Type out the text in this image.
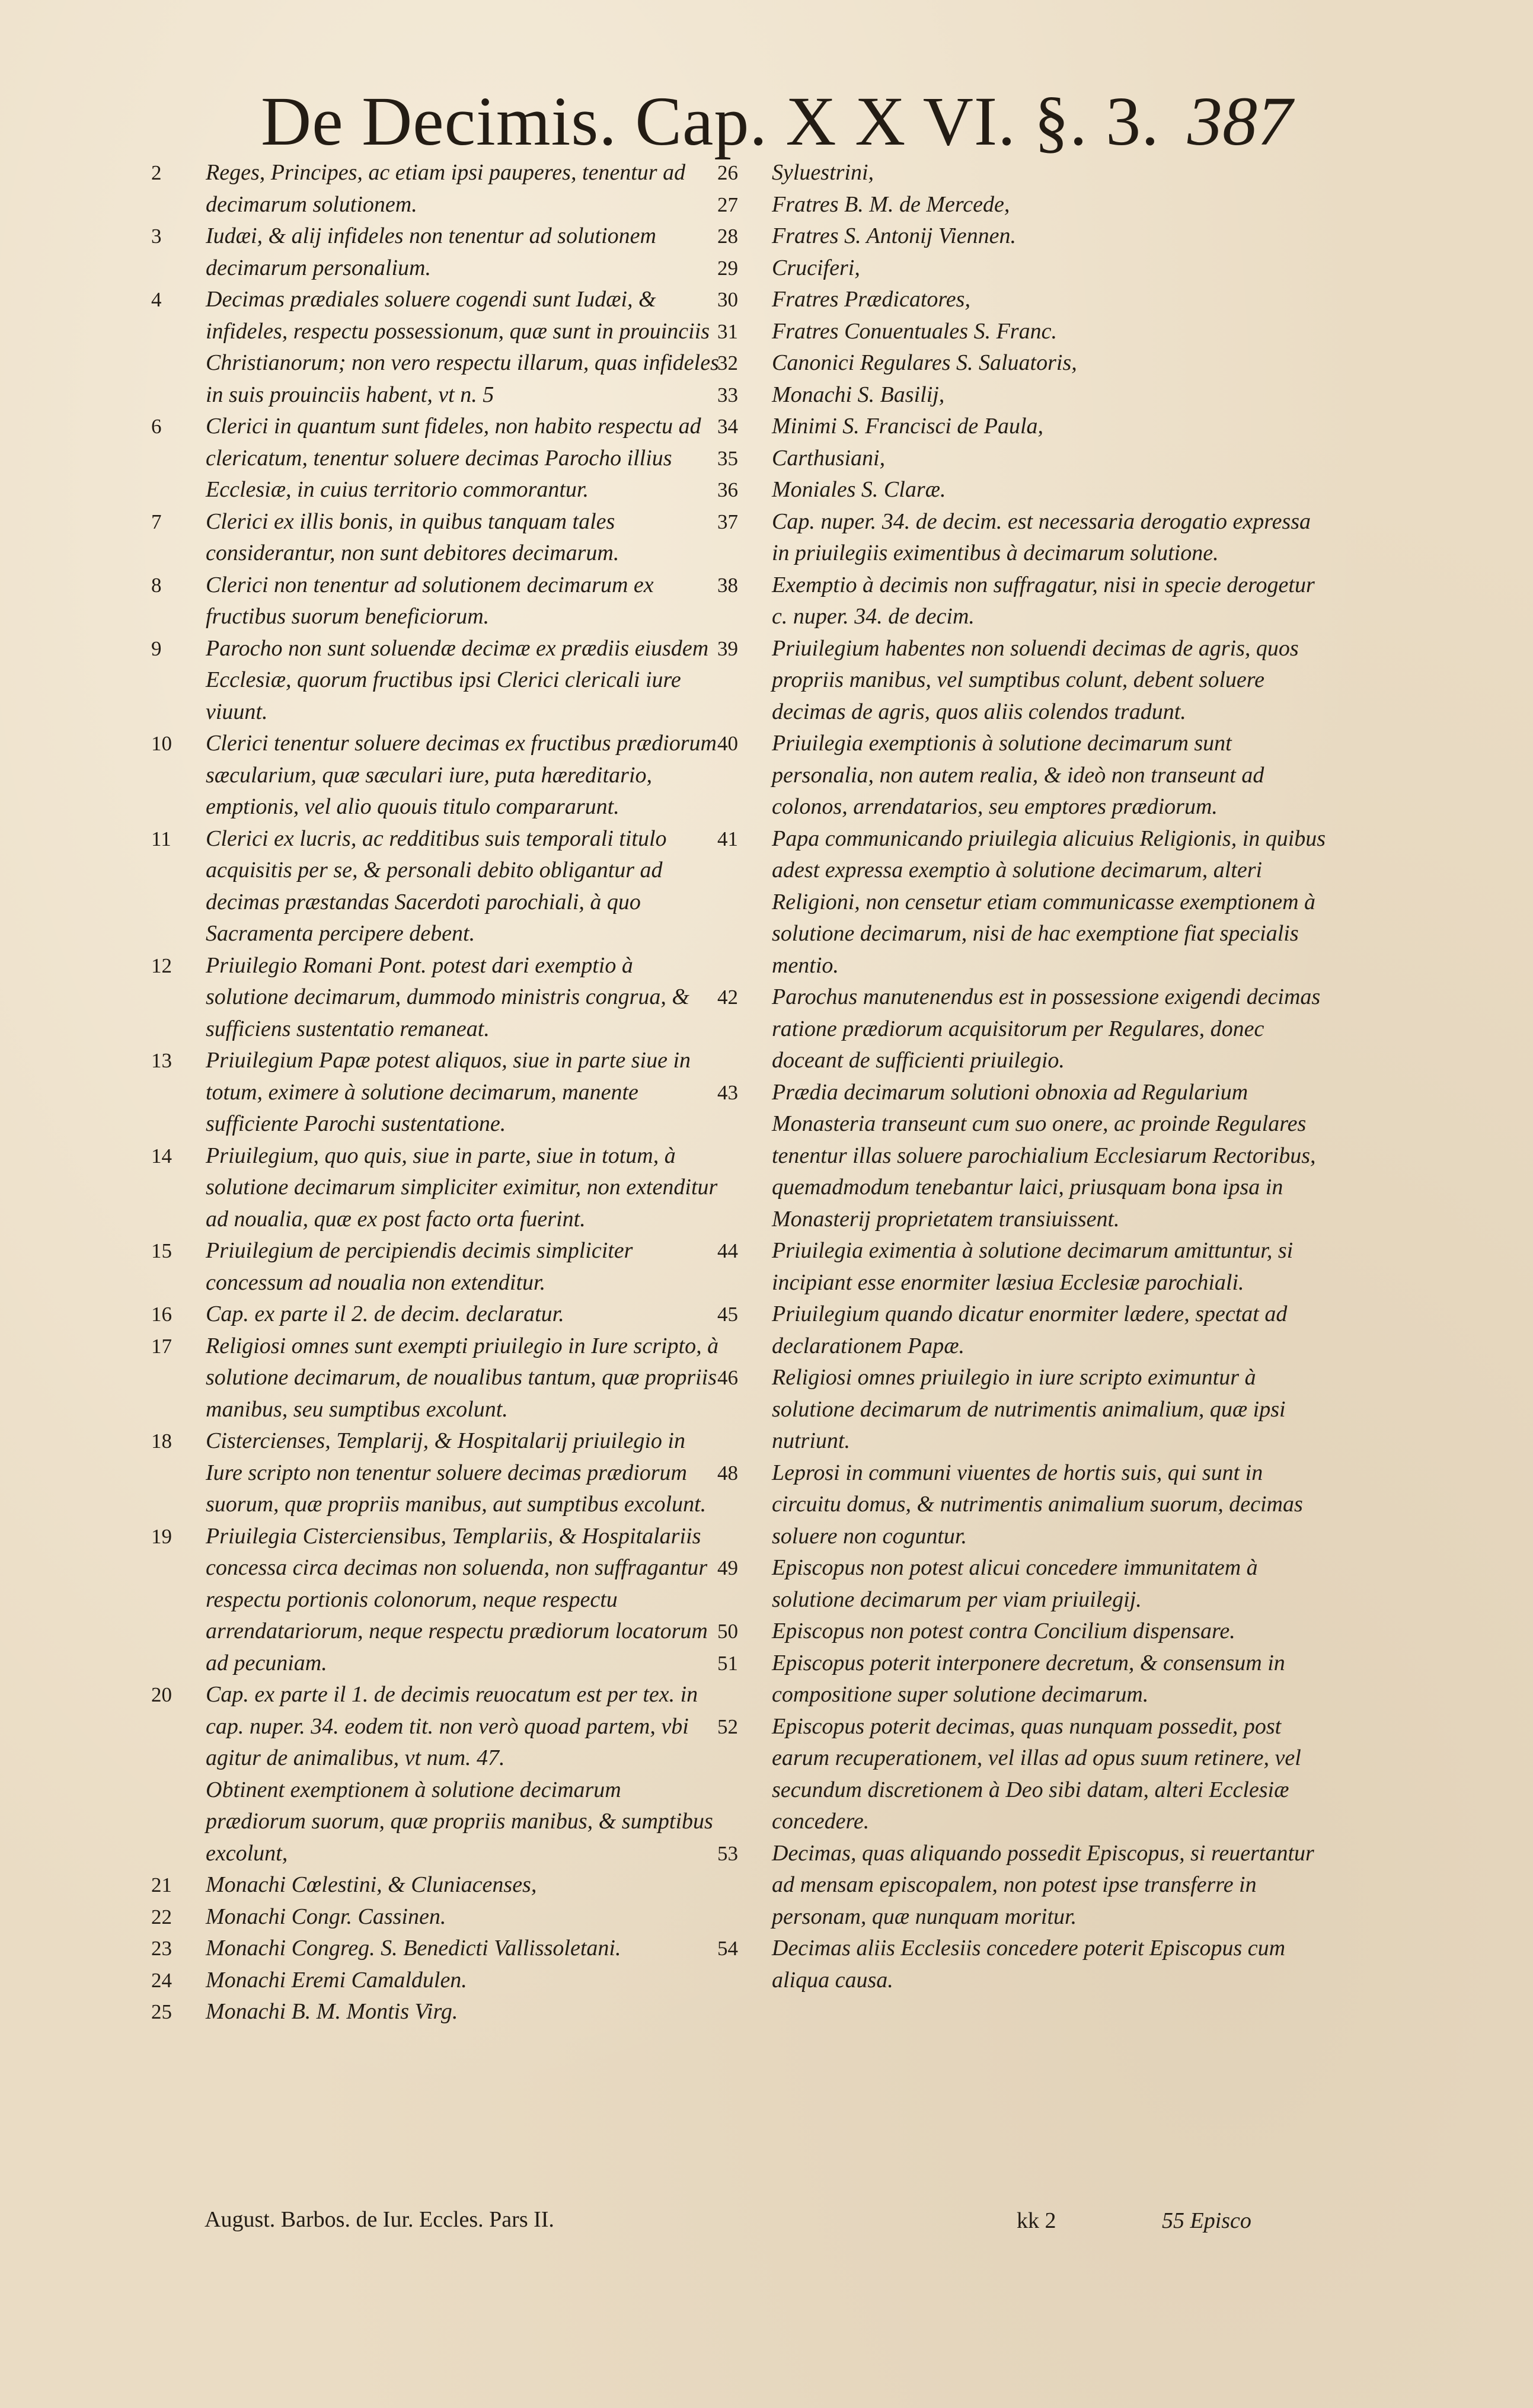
De Decimis. Cap. X X VI. §. 3. 387
2	Reges, Principes, ac etiam ipsi pauperes, tenentur ad decimarum solutionem.
3	Iudæi, & alij infideles non tenentur ad solutionem decimarum personalium.
4	Decimas prædiales soluere cogendi sunt Iudæi, & infideles, respectu possessionum, quæ sunt in prouinciis Christianorum; non vero respectu illarum, quas infideles in suis prouinciis habent, vt n. 5
6	Clerici in quantum sunt fideles, non habito respectu ad clericatum, tenentur soluere decimas Parocho illius Ecclesiæ, in cuius territorio commorantur.
7	Clerici ex illis bonis, in quibus tanquam tales considerantur, non sunt debitores decimarum.
8	Clerici non tenentur ad solutionem decimarum ex fructibus suorum beneficiorum.
9	Parocho non sunt soluendæ decimæ ex prædiis eiusdem Ecclesiæ, quorum fructibus ipsi Clerici clericali iure viuunt.
10	Clerici tenentur soluere decimas ex fructibus prædiorum sæcularium, quæ sæculari iure, puta hæreditario, emptionis, vel alio quouis titulo compararunt.
11	Clerici ex lucris, ac redditibus suis temporali titulo acquisitis per se, & personali debito obligantur ad decimas præstandas Sacerdoti parochiali, à quo Sacramenta percipere debent.
12	Priuilegio Romani Pont. potest dari exemptio à solutione decimarum, dummodo ministris congrua, & sufficiens sustentatio remaneat.
13	Priuilegium Papæ potest aliquos, siue in parte siue in totum, eximere à solutione decimarum, manente sufficiente Parochi sustentatione.
14	Priuilegium, quo quis, siue in parte, siue in totum, à solutione decimarum simpliciter eximitur, non extenditur ad noualia, quæ ex post facto orta fuerint.
15	Priuilegium de percipiendis decimis simpliciter concessum ad noualia non extenditur.
16	Cap. ex parte il 2. de decim. declaratur.
17	Religiosi omnes sunt exempti priuilegio in Iure scripto, à solutione decimarum, de noualibus tantum, quæ propriis manibus, seu sumptibus excolunt.
18	Cistercienses, Templarij, & Hospitalarij priuilegio in Iure scripto non tenentur soluere decimas prædiorum suorum, quæ propriis manibus, aut sumptibus excolunt.
19	Priuilegia Cisterciensibus, Templariis, & Hospitalariis concessa circa decimas non soluenda, non suffragantur respectu portionis colonorum, neque respectu arrendatariorum, neque respectu prædiorum locatorum ad pecuniam.
20	Cap. ex parte il 1. de decimis reuocatum est per tex. in cap. nuper. 34. eodem tit. non verò quoad partem, vbi agitur de animalibus, vt num. 47.
Obtinent exemptionem à solutione decimarum prædiorum suorum, quæ propriis manibus, & sumptibus excolunt,
21	Monachi Cœlestini, & Cluniacenses,
22	Monachi Congr. Cassinen.
23	Monachi Congreg. S. Benedicti Vallissoletani.
24	Monachi Eremi Camaldulen.
25	Monachi B. M. Montis Virg.
26	Syluestrini,
27	Fratres B. M. de Mercede,
28	Fratres S. Antonij Viennen.
29	Cruciferi,
30	Fratres Prædicatores,
31	Fratres Conuentuales S. Franc.
32	Canonici Regulares S. Saluatoris,
33	Monachi S. Basilij,
34	Minimi S. Francisci de Paula,
35	Carthusiani,
36	Moniales S. Claræ.
37	Cap. nuper. 34. de decim. est necessaria derogatio expressa in priuilegiis eximentibus à decimarum solutione.
38	Exemptio à decimis non suffragatur, nisi in specie derogetur c. nuper. 34. de decim.
39	Priuilegium habentes non soluendi decimas de agris, quos propriis manibus, vel sumptibus colunt, debent soluere decimas de agris, quos aliis colendos tradunt.
40	Priuilegia exemptionis à solutione decimarum sunt personalia, non autem realia, & ideò non transeunt ad colonos, arrendatarios, seu emptores prædiorum.
41	Papa communicando priuilegia alicuius Religionis, in quibus adest expressa exemptio à solutione decimarum, alteri Religioni, non censetur etiam communicasse exemptionem à solutione decimarum, nisi de hac exemptione fiat specialis mentio.
42	Parochus manutenendus est in possessione exigendi decimas ratione prædiorum acquisitorum per Regulares, donec doceant de sufficienti priuilegio.
43	Prædia decimarum solutioni obnoxia ad Regularium Monasteria transeunt cum suo onere, ac proinde Regulares tenentur illas soluere parochialium Ecclesiarum Rectoribus, quemadmodum tenebantur laici, priusquam bona ipsa in Monasterij proprietatem transiuissent.
44	Priuilegia eximentia à solutione decimarum amittuntur, si incipiant esse enormiter læsiua Ecclesiæ parochiali.
45	Priuilegium quando dicatur enormiter lædere, spectat ad declarationem Papæ.
46	Religiosi omnes priuilegio in iure scripto eximuntur à solutione decimarum de nutrimentis animalium, quæ ipsi nutriunt.
48	Leprosi in communi viuentes de hortis suis, qui sunt in circuitu domus, & nutrimentis animalium suorum, decimas soluere non coguntur.
49	Episcopus non potest alicui concedere immunitatem à solutione decimarum per viam priuilegij.
50	Episcopus non potest contra Concilium dispensare.
51	Episcopus poterit interponere decretum, & consensum in compositione super solutione decimarum.
52	Episcopus poterit decimas, quas nunquam possedit, post earum recuperationem, vel illas ad opus suum retinere, vel secundum discretionem à Deo sibi datam, alteri Ecclesiæ concedere.
53	Decimas, quas aliquando possedit Episcopus, si reuertantur ad mensam episcopalem, non potest ipse transferre in personam, quæ nunquam moritur.
54	Decimas aliis Ecclesiis concedere poterit Episcopus cum aliqua causa.
August. Barbos. de Iur. Eccles. Pars II.	kk 2	55 Episco
